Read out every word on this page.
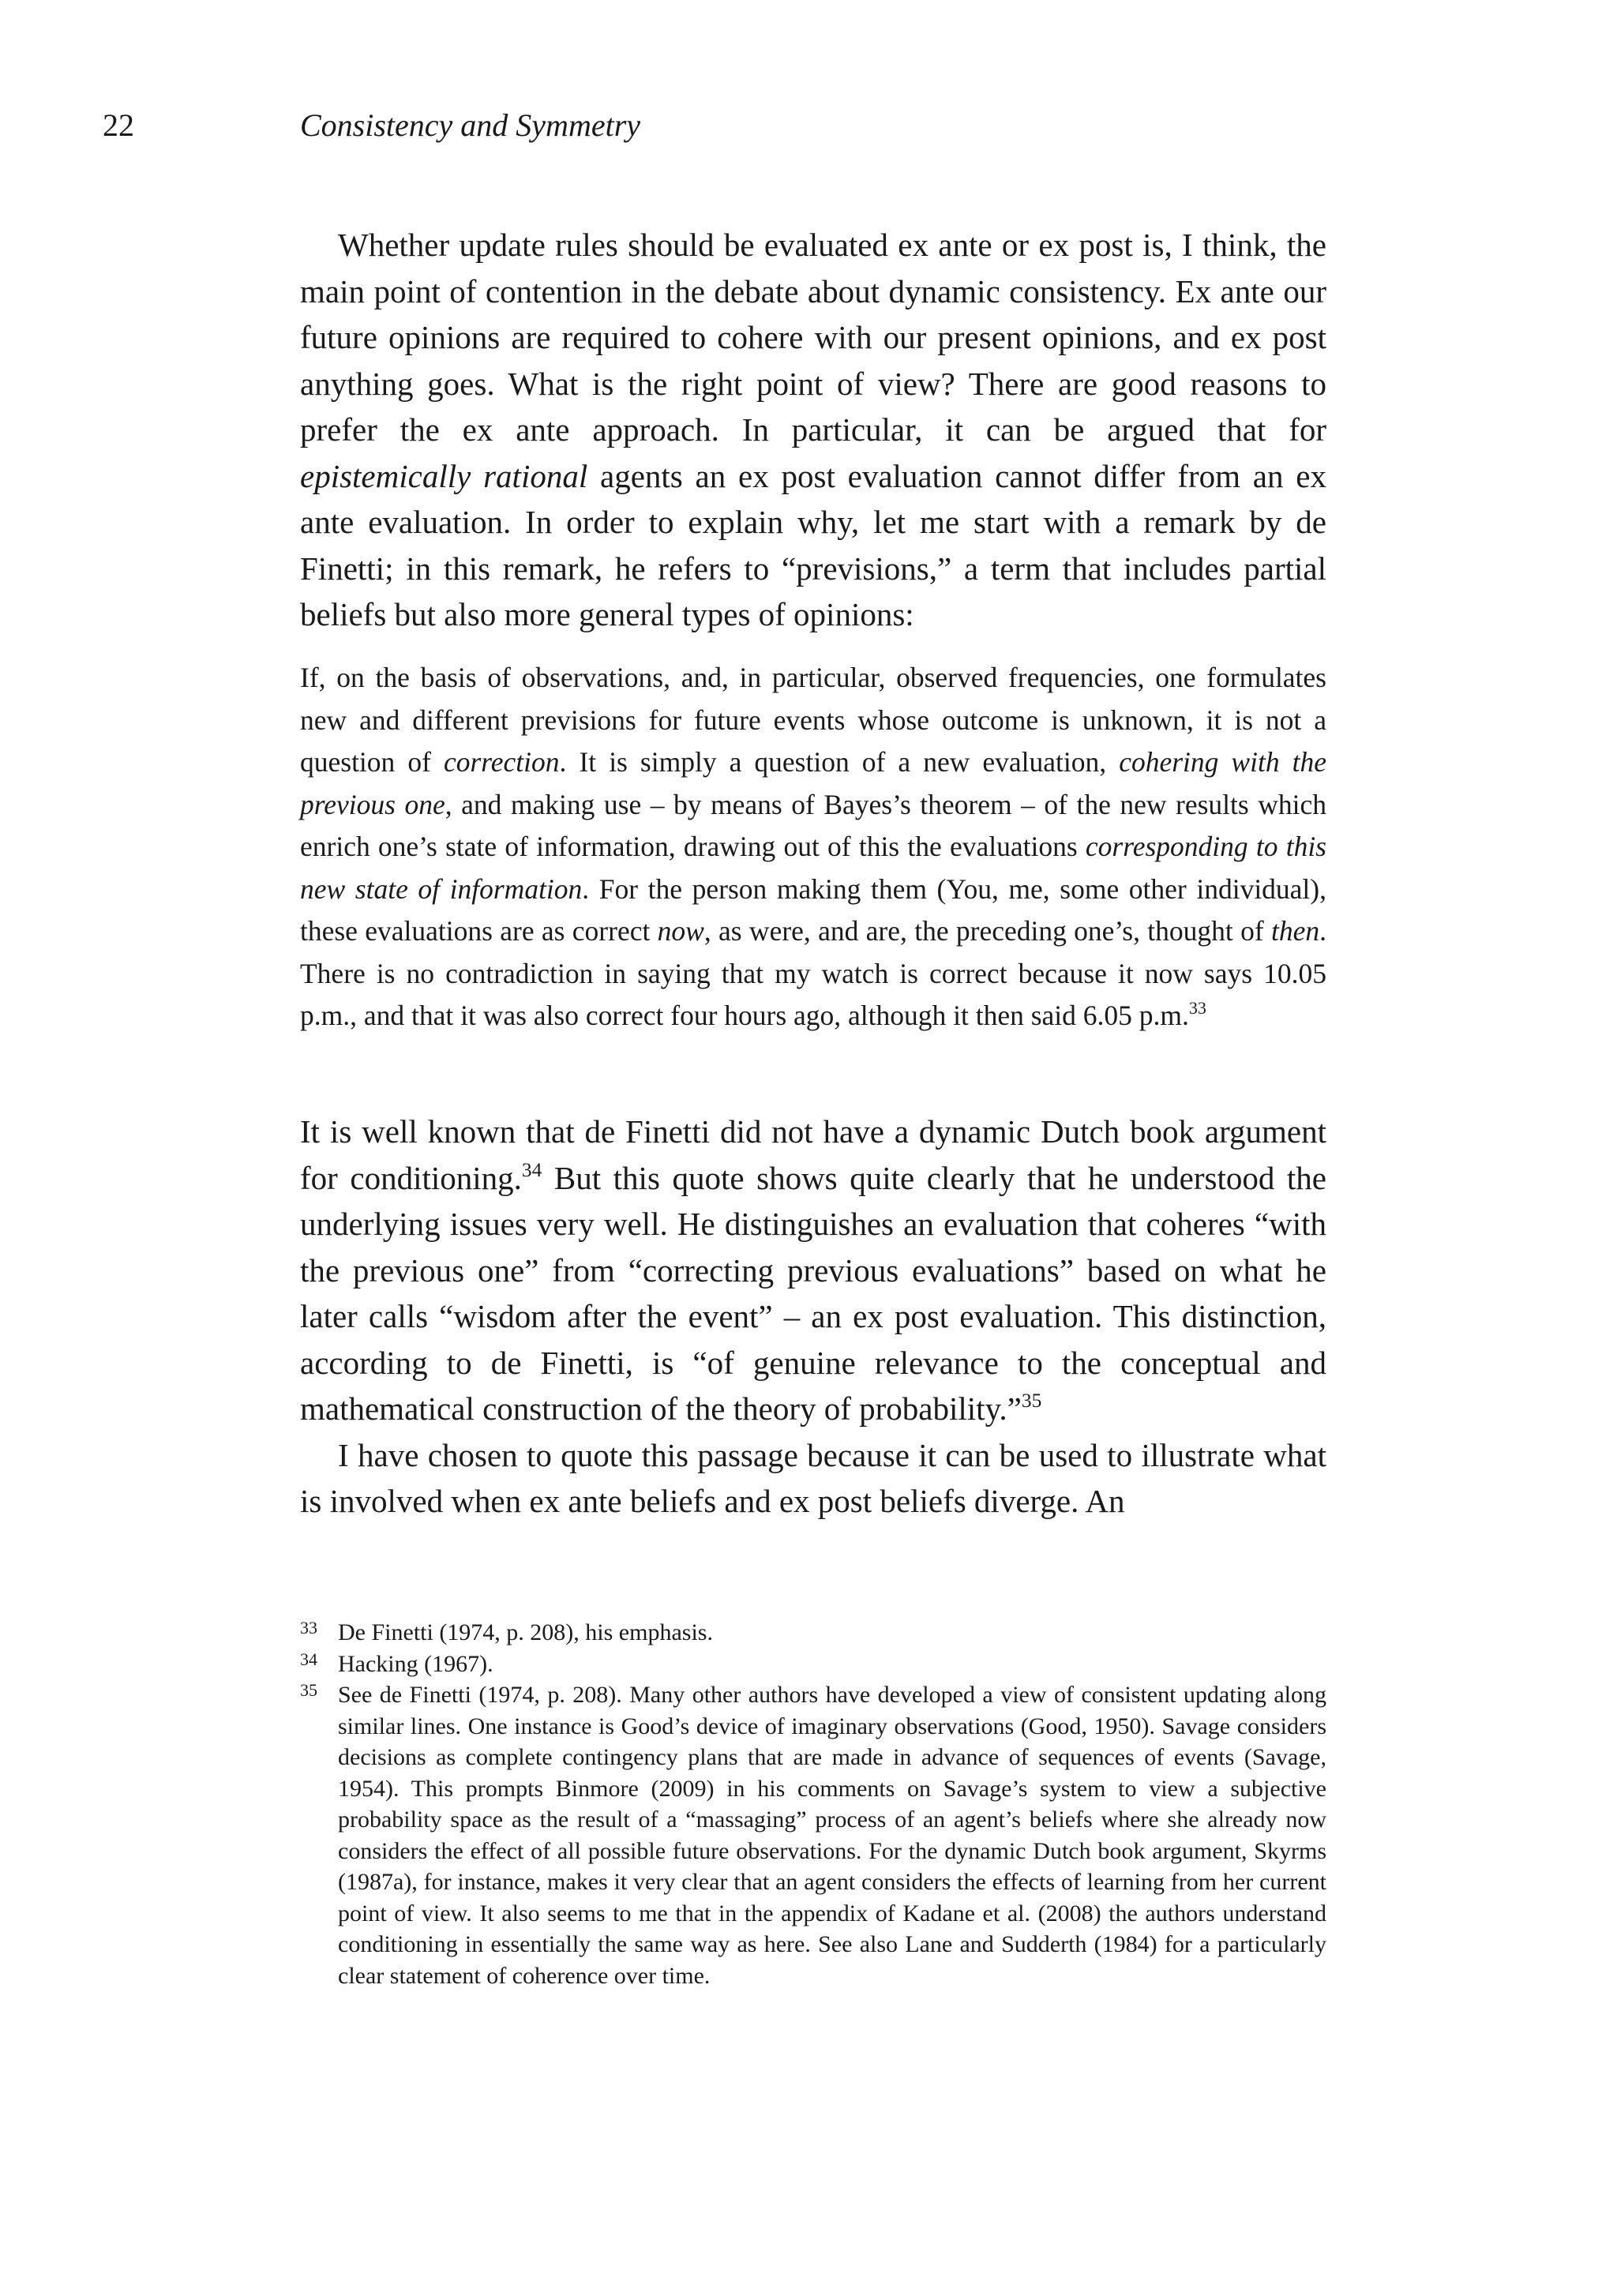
22	Consistency and Symmetry

Whether update rules should be evaluated ex ante or ex post is, I think, the main point of contention in the debate about dynamic consistency. Ex ante our future opinions are required to cohere with our present opinions, and ex post anything goes. What is the right point of view? There are good reasons to prefer the ex ante approach. In particular, it can be argued that for epistemically rational agents an ex post evaluation cannot differ from an ex ante evaluation. In order to explain why, let me start with a remark by de Finetti; in this remark, he refers to “previsions,” a term that includes partial beliefs but also more general types of opinions:

If, on the basis of observations, and, in particular, observed frequencies, one formulates new and different previsions for future events whose outcome is unknown, it is not a question of correction. It is simply a question of a new evaluation, cohering with the previous one, and making use – by means of Bayes’s theorem – of the new results which enrich one’s state of information, drawing out of this the evaluations corresponding to this new state of information. For the person making them (You, me, some other individual), these evaluations are as correct now, as were, and are, the preceding one’s, thought of then. There is no contradiction in saying that my watch is correct because it now says 10.05 p.m., and that it was also correct four hours ago, although it then said 6.05 p.m.$^{33}$

It is well known that de Finetti did not have a dynamic Dutch book argument for conditioning.$^{34}$ But this quote shows quite clearly that he understood the underlying issues very well. He distinguishes an evaluation that coheres “with the previous one” from “correcting previous evaluations” based on what he later calls “wisdom after the event” – an ex post evaluation. This distinction, according to de Finetti, is “of genuine relevance to the conceptual and mathematical construction of the theory of probability.”$^{35}$

I have chosen to quote this passage because it can be used to illustrate what is involved when ex ante beliefs and ex post beliefs diverge. An

33 De Finetti (1974, p. 208), his emphasis.

34 Hacking (1967).

35 See de Finetti (1974, p. 208). Many other authors have developed a view of consistent updating along similar lines. One instance is Good’s device of imaginary observations (Good, 1950). Savage considers decisions as complete contingency plans that are made in advance of sequences of events (Savage, 1954). This prompts Binmore (2009) in his comments on Savage’s system to view a subjective probability space as the result of a “massaging” process of an agent’s beliefs where she already now considers the effect of all possible future observations. For the dynamic Dutch book argument, Skyrms (1987a), for instance, makes it very clear that an agent considers the effects of learning from her current point of view. It also seems to me that in the appendix of Kadane et al. (2008) the authors understand conditioning in essentially the same way as here. See also Lane and Sudderth (1984) for a particularly clear statement of coherence over time.
